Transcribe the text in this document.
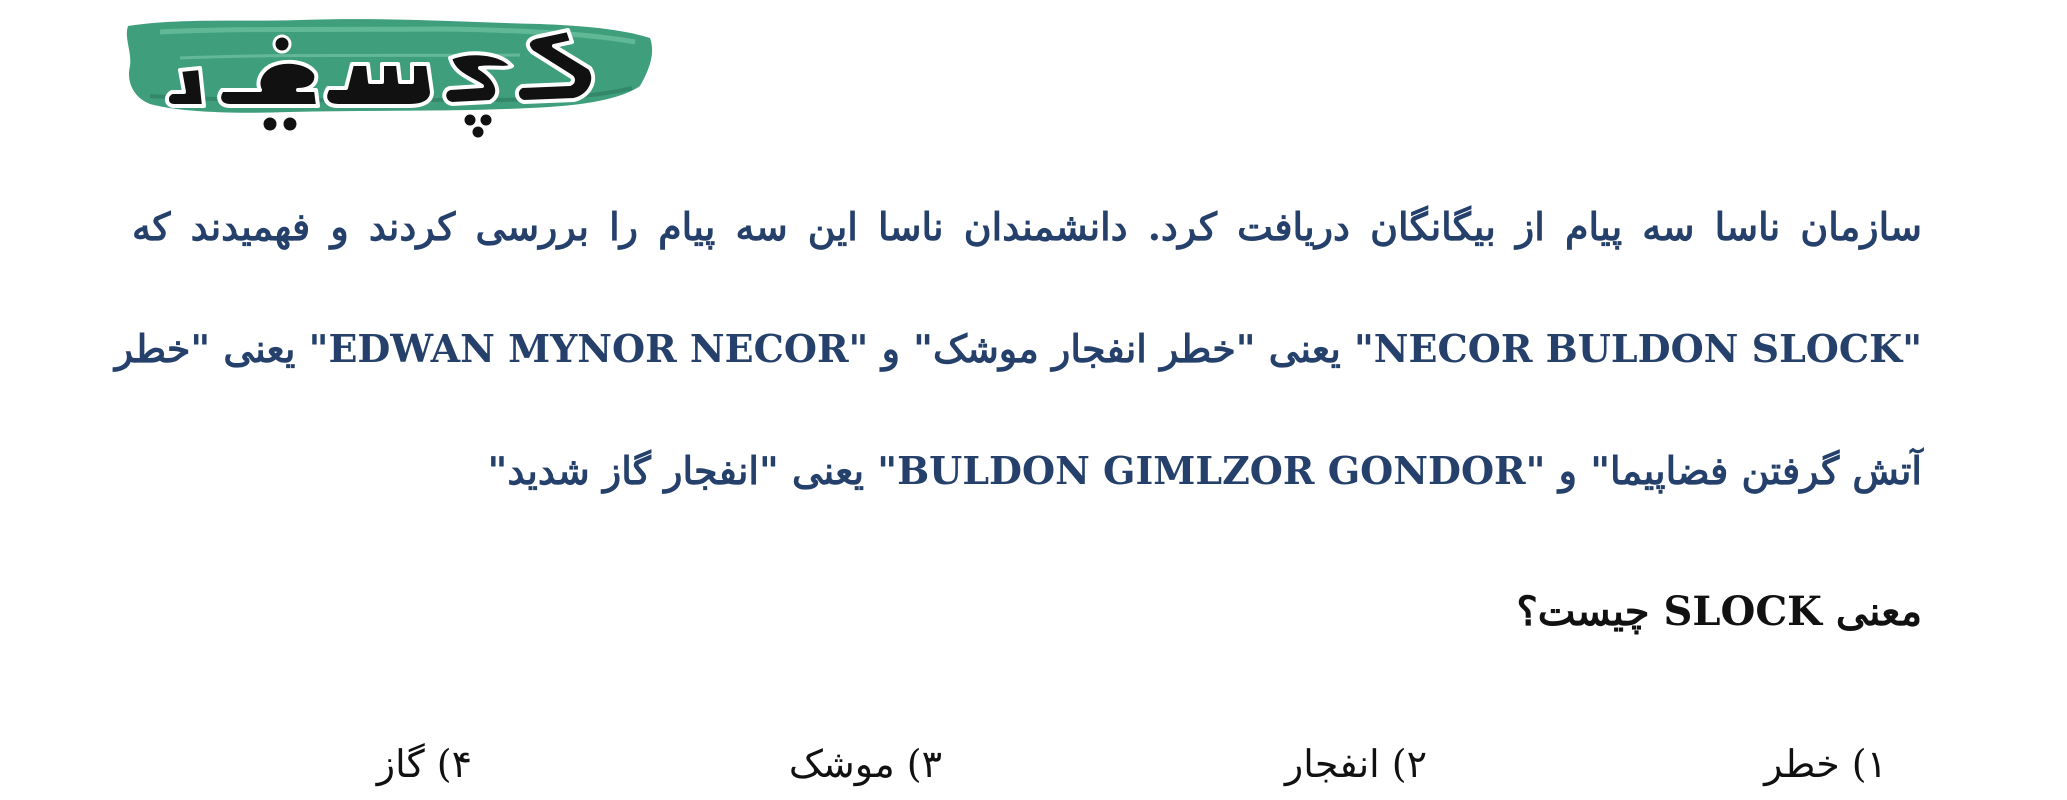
سازمان ناسا سه پیام از بیگانگان دریافت کرد. دانشمندان ناسا این سه پیام را بررسی کردند و فهمیدند که
"NECOR BULDON SLOCK" یعنی "خطر انفجار موشک" و "EDWAN MYNOR NECOR" یعنی "خطر
آتش گرفتن فضاپیما" و "BULDON GIMLZOR GONDOR" یعنی "انفجار گاز شدید"
معنی SLOCK چیست؟
۱)خطر
۲)انفجار
۳)موشک
۴)گاز
